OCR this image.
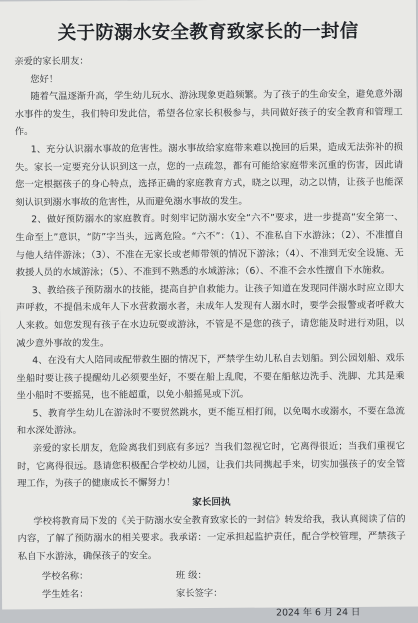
关于防溺水安全教育致家长的一封信

亲爱的家长朋友：

您好！

随着气温逐渐升高，学生幼儿玩水、游泳现象更趋频繁。为了孩子的生命安全，避免意外溺水事件的发生，我们特印发此信，希望各位家长积极参与，共同做好孩子的安全教育和管理工作。

1、充分认识溺水事故的危害性。溺水事故给家庭带来难以挽回的后果，造成无法弥补的损失。家长一定要充分认识到这一点，您的一点疏忽，都有可能给家庭带来沉重的伤害，因此请您一定根据孩子的身心特点，选择正确的家庭教育方式，晓之以理，动之以情，让孩子也能深刻认识到溺水事故的危害性，从而避免溺水事故的发生。

2、做好预防溺水的家庭教育。时刻牢记防溺水安全“六不”要求，进一步提高“安全第一、生命至上”意识，“防”字当头，远离危险。“六不”：（1）、不准私自下水游泳；（2）、不准擅自与他人结伴游泳；（3）、不准在无家长或老师带领的情况下游泳；（4）、不准到无安全设施、无救援人员的水域游泳；（5）、不准到不熟悉的水域游泳；（6）、不准不会水性擅自下水施救。

3、教给孩子预防溺水的技能，提高自护自救能力。让孩子知道在发现同伴溺水时应立即大声呼救，不提倡未成年人下水营救溺水者，未成年人发现有人溺水时，要学会报警或者呼救大人来救。如您发现有孩子在水边玩耍或游泳，不管是不是您的孩子，请您能及时进行劝阻，以减少意外事故的发生。

4、在没有大人陪同或配带救生圈的情况下，严禁学生幼儿私自去划船。到公园划船、戏乐坐船时要让孩子提醒幼儿必须要坐好，不要在船上乱爬，不要在船舷边洗手、洗脚、尤其是乘坐小船时不要摇晃，也不能超重，以免小船摇晃或下沉。

5、教育学生幼儿在游泳时不要贸然跳水，更不能互相打闹，以免喝水或溺水，不要在急流和水深处游泳。

亲爱的家长朋友，危险离我们到底有多远？当我们忽视它时，它离得很近；当我们重视它时，它离得很远。恳请您积极配合学校幼儿园，让我们共同携起手来，切实加强孩子的安全管理工作，为孩子的健康成长不懈努力！

家长回执

学校将教育局下发的《关于防溺水安全教育致家长的一封信》转发给我，我认真阅读了信的内容，了解了预防溺水的相关要求。我承诺：一定承担起监护责任，配合学校管理，严禁孩子私自下水游泳，确保孩子的安全。

学校名称：	班 级：
学生姓名：	家长签字：
2024 年 6 月 24 日
